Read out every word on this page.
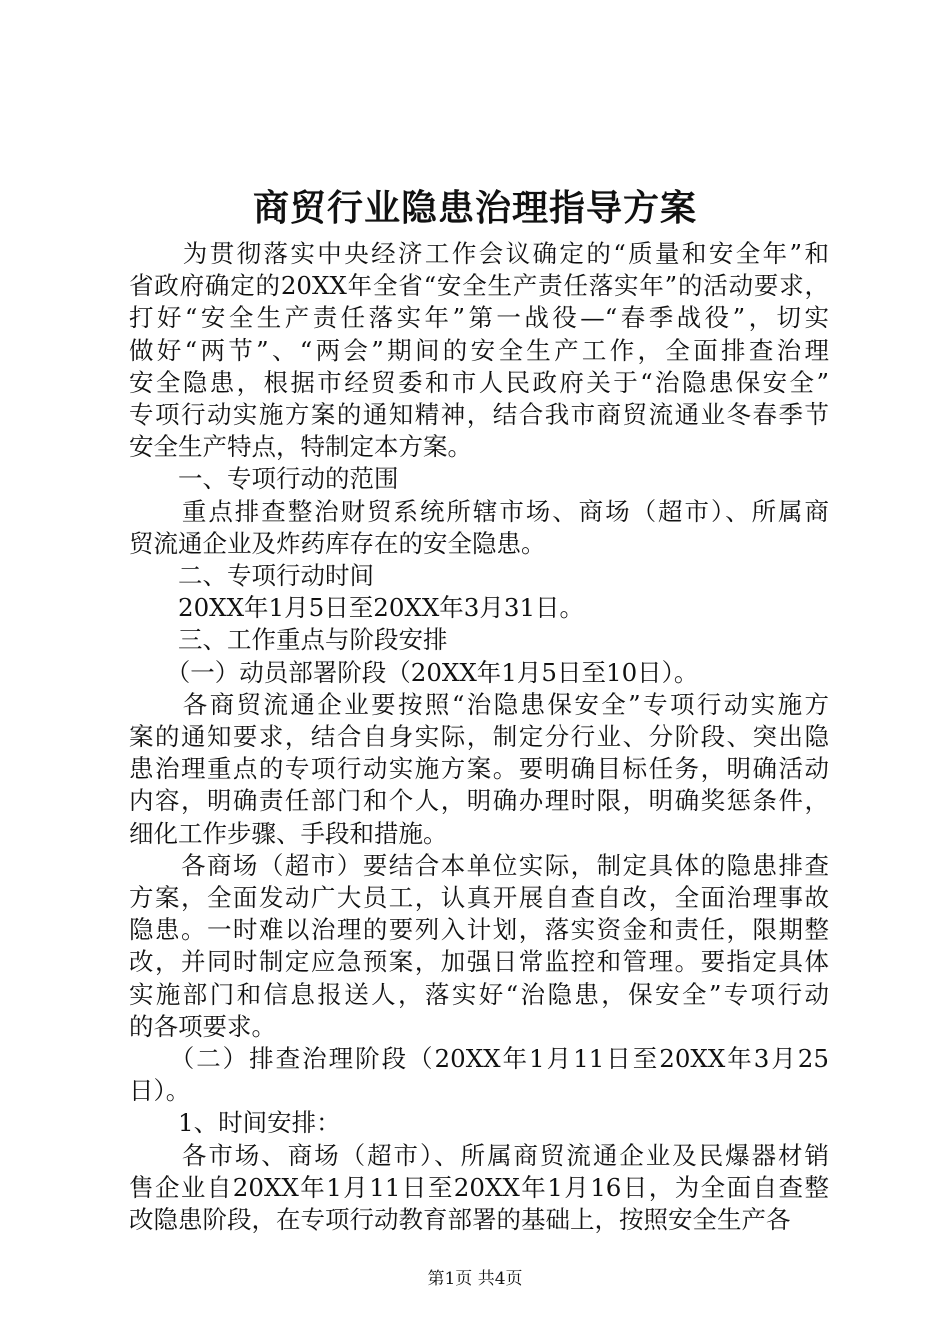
商贸行业隐患治理指导方案
　　为贯彻落实中央经济工作会议确定的“质量和安全年”和
省政府确定的20XX年全省“安全生产责任落实年”的活动要求，
打好“安全生产责任落实年”第一战役—“春季战役”，切实
做好“两节”、“两会”期间的安全生产工作，全面排查治理
安全隐患，根据市经贸委和市人民政府关于“治隐患保安全”
专项行动实施方案的通知精神，结合我市商贸流通业冬春季节
安全生产特点，特制定本方案。
　　一、专项行动的范围
　　重点排查整治财贸系统所辖市场、商场（超市）、所属商
贸流通企业及炸药库存在的安全隐患。
　　二、专项行动时间
　　20XX年1月5日至20XX年3月31日。
　　三、工作重点与阶段安排
　　（一）动员部署阶段（20XX年1月5日至10日）。
　　各商贸流通企业要按照“治隐患保安全”专项行动实施方
案的通知要求，结合自身实际，制定分行业、分阶段、突出隐
患治理重点的专项行动实施方案。要明确目标任务，明确活动
内容，明确责任部门和个人，明确办理时限，明确奖惩条件，
细化工作步骤、手段和措施。
　　各商场（超市）要结合本单位实际，制定具体的隐患排查
方案，全面发动广大员工，认真开展自查自改，全面治理事故
隐患。一时难以治理的要列入计划，落实资金和责任，限期整
改，并同时制定应急预案，加强日常监控和管理。要指定具体
实施部门和信息报送人，落实好“治隐患，保安全”专项行动
的各项要求。
　　（二）排查治理阶段（20XX年1月11日至20XX年3月25
日）。
　　1、时间安排：
　　各市场、商场（超市）、所属商贸流通企业及民爆器材销
售企业自20XX年1月11日至20XX年1月16日，为全面自查整
改隐患阶段，在专项行动教育部署的基础上，按照安全生产各
第1页 共4页
